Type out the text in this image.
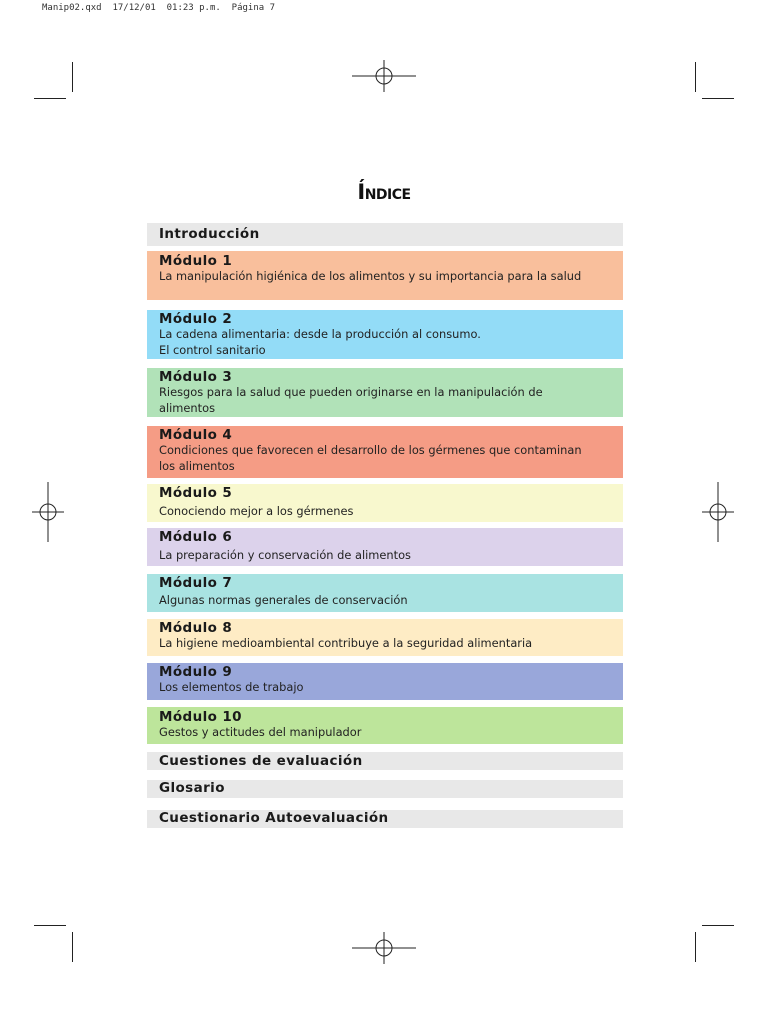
Manip02.qxd  17/12/01  01:23 p.m.  Página 7
ÍNDICE
Introducción
Módulo 1
La manipulación higiénica de los alimentos y su importancia para la salud
Módulo 2
La cadena alimentaria: desde la producción al consumo.
El control sanitario
Módulo 3
Riesgos para la salud que pueden originarse en la manipulación de alimentos
Módulo 4
Condiciones que favorecen el desarrollo de los gérmenes que contaminan los alimentos
Módulo 5
Conociendo mejor a los gérmenes
Módulo 6
La preparación y conservación de alimentos
Módulo 7
Algunas normas generales de conservación
Módulo 8
La higiene medioambiental contribuye a la seguridad alimentaria
Módulo 9
Los elementos de trabajo
Módulo 10
Gestos y actitudes del manipulador
Cuestiones de evaluación
Glosario
Cuestionario Autoevaluación
